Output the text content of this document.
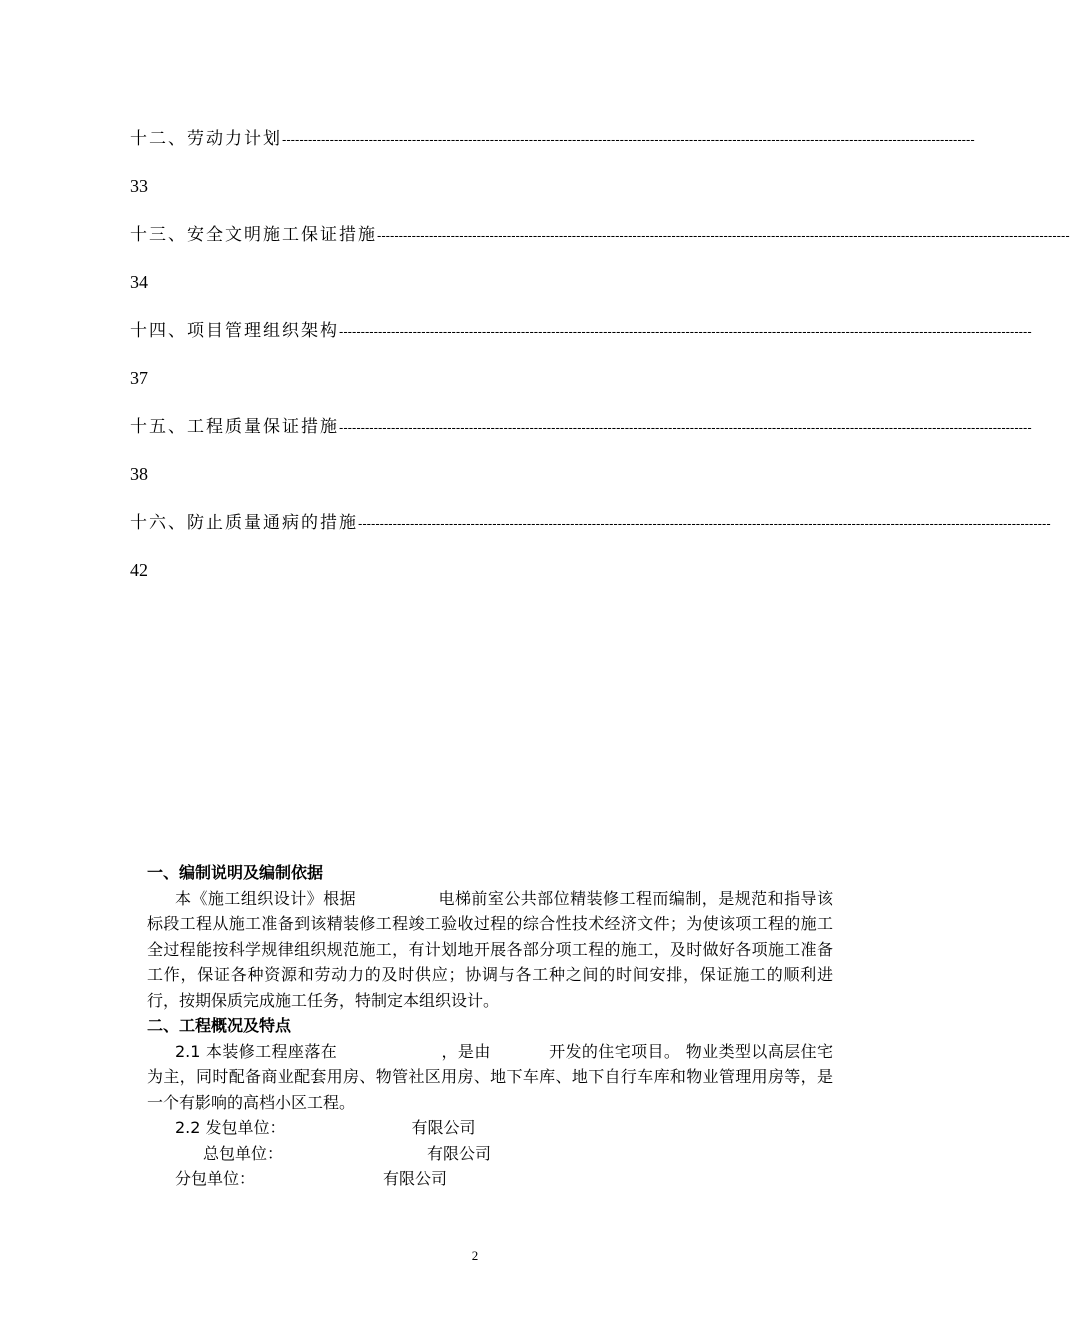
十二、劳动力计划 ----------------------------------------------------------------------------------------------------------------------------------------------------------------
33
十三、安全文明施工保证措施 ----------------------------------------------------------------------------------------------------------------------------------------------------------------
34
十四、项目管理组织架构 ----------------------------------------------------------------------------------------------------------------------------------------------------------------
37
十五、工程质量保证措施 ----------------------------------------------------------------------------------------------------------------------------------------------------------------
38
十六、防止质量通病的措施 ----------------------------------------------------------------------------------------------------------------------------------------------------------------
42
一、编制说明及编制依据
本《施工组织设计》根据	电梯前室公共部位精装修工程而编制，是规范和指导该标段工程从施工准备到该精装修工程竣工验收过程的综合性技术经济文件；为使该项工程的施工全过程能按科学规律组织规范施工，有计划地开展各部分项工程的施工，及时做好各项施工准备工作，保证各种资源和劳动力的及时供应；协调与各工种之间的时间安排，保证施工的顺利进行，按期保质完成施工任务，特制定本组织设计。
二、工程概况及特点
2.1 本装修工程座落在	，是由	开发的住宅项目。 物业类型以高层住宅为主，同时配备商业配套用房、物管社区用房、地下车库、地下自行车库和物业管理用房等，是一个有影响的高档小区工程。
2.2 发包单位：	有限公司
总包单位：	有限公司
分包单位：	有限公司
2
